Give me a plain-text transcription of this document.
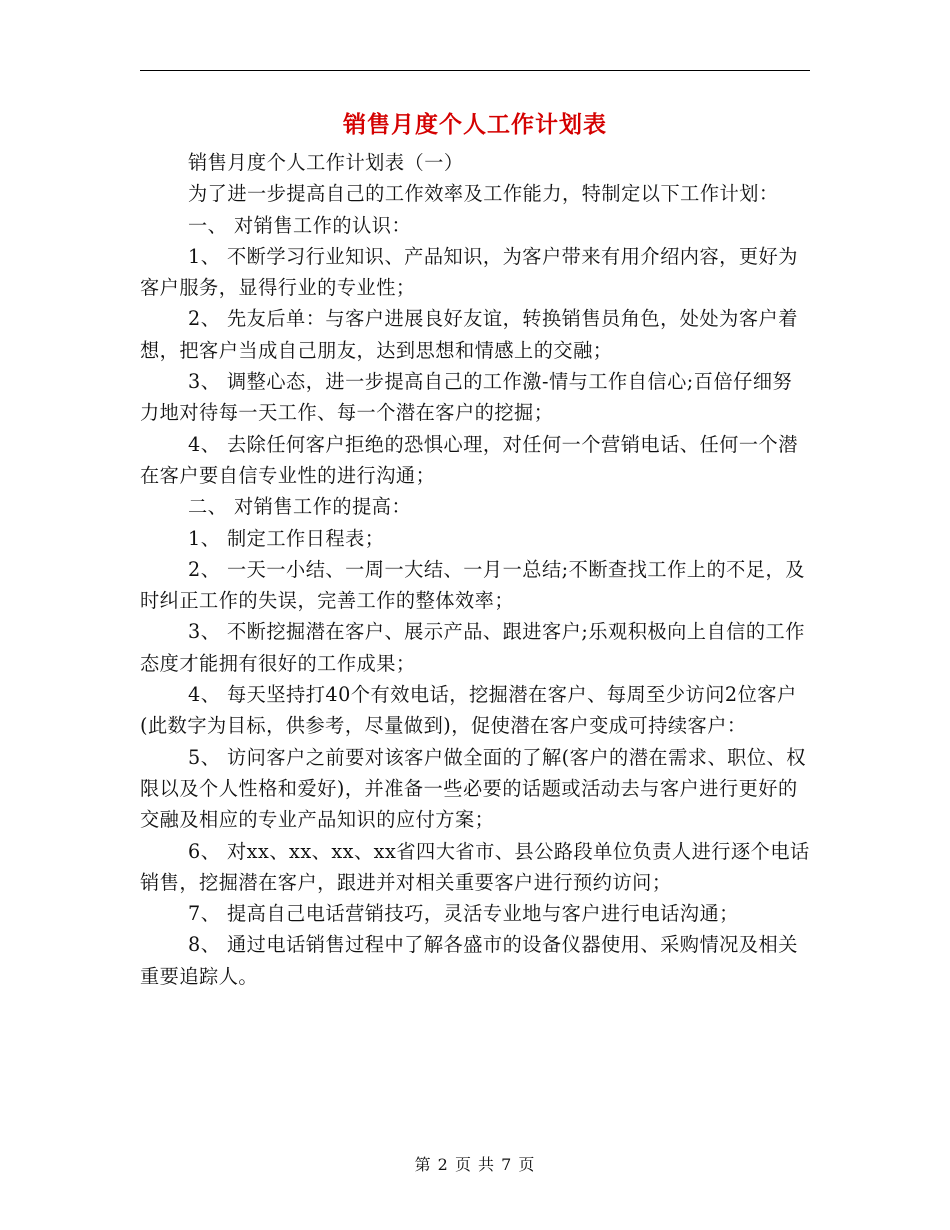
销售月度个人工作计划表

销售月度个人工作计划表（一）

为了进一步提高自己的工作效率及工作能力，特制定以下工作计划：

一、 对销售工作的认识：

1、 不断学习行业知识、产品知识，为客户带来有用介绍内容，更好为客户服务，显得行业的专业性；

2、 先友后单：与客户进展良好友谊，转换销售员角色，处处为客户着想，把客户当成自己朋友，达到思想和情感上的交融；

3、 调整心态，进一步提高自己的工作激-情与工作自信心;百倍仔细努力地对待每一天工作、每一个潜在客户的挖掘；

4、 去除任何客户拒绝的恐惧心理，对任何一个营销电话、任何一个潜在客户要自信专业性的进行沟通；

二、 对销售工作的提高：

1、 制定工作日程表；

2、 一天一小结、一周一大结、一月一总结;不断查找工作上的不足，及时纠正工作的失误，完善工作的整体效率；

3、 不断挖掘潜在客户、展示产品、跟进客户;乐观积极向上自信的工作态度才能拥有很好的工作成果；

4、 每天坚持打40个有效电话，挖掘潜在客户、每周至少访问2位客户(此数字为目标，供参考，尽量做到)，促使潜在客户变成可持续客户：

5、 访问客户之前要对该客户做全面的了解(客户的潜在需求、职位、权限以及个人性格和爱好)，并准备一些必要的话题或活动去与客户进行更好的交融及相应的专业产品知识的应付方案；

6、 对xx、xx、xx、xx省四大省市、县公路段单位负责人进行逐个电话销售，挖掘潜在客户，跟进并对相关重要客户进行预约访问；

7、 提高自己电话营销技巧，灵活专业地与客户进行电话沟通；

8、 通过电话销售过程中了解各盛市的设备仪器使用、采购情况及相关重要追踪人。

第 2 页 共 7 页
